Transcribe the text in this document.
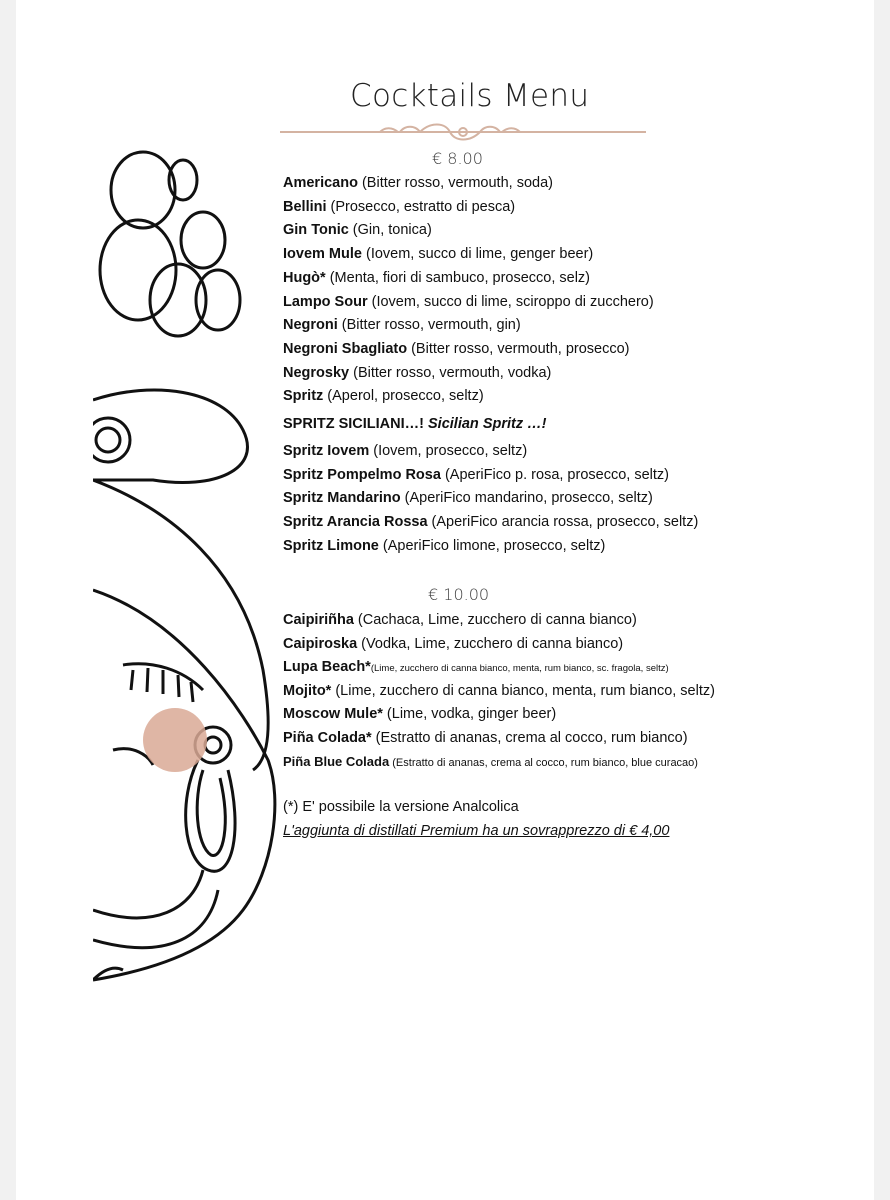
Cocktails Menu
€ 8.00
Americano (Bitter rosso, vermouth, soda)
Bellini (Prosecco, estratto di pesca)
Gin Tonic (Gin, tonica)
Iovem Mule (Iovem, succo di lime, genger beer)
Hugò* (Menta, fiori di sambuco, prosecco, selz)
Lampo Sour (Iovem, succo di lime, sciroppo di zucchero)
Negroni (Bitter rosso, vermouth, gin)
Negroni Sbagliato (Bitter rosso, vermouth, prosecco)
Negrosky (Bitter rosso, vermouth, vodka)
Spritz (Aperol, prosecco, seltz)
SPRITZ SICILIANI…! Sicilian Spritz …!
Spritz Iovem (Iovem, prosecco, seltz)
Spritz Pompelmo Rosa (AperiFico p. rosa, prosecco, seltz)
Spritz Mandarino (AperiFico mandarino, prosecco, seltz)
Spritz Arancia Rossa (AperiFico arancia rossa, prosecco, seltz)
Spritz Limone (AperiFico limone, prosecco, seltz)
€ 10.00
Caipiriñha (Cachaca, Lime, zucchero di canna bianco)
Caipiroska (Vodka, Lime, zucchero di canna bianco)
Lupa Beach*(Lime, zucchero di canna bianco, menta, rum bianco, sc. fragola, seltz)
Mojito* (Lime, zucchero di canna bianco, menta, rum bianco, seltz)
Moscow Mule* (Lime, vodka, ginger beer)
Piña Colada* (Estratto di ananas, crema al cocco, rum bianco)
Piña Blue Colada (Estratto di ananas, crema al cocco, rum bianco, blue curacao)
(*) E' possibile la versione Analcolica
L'aggiunta di distillati Premium ha un sovrapprezzo di € 4,00
